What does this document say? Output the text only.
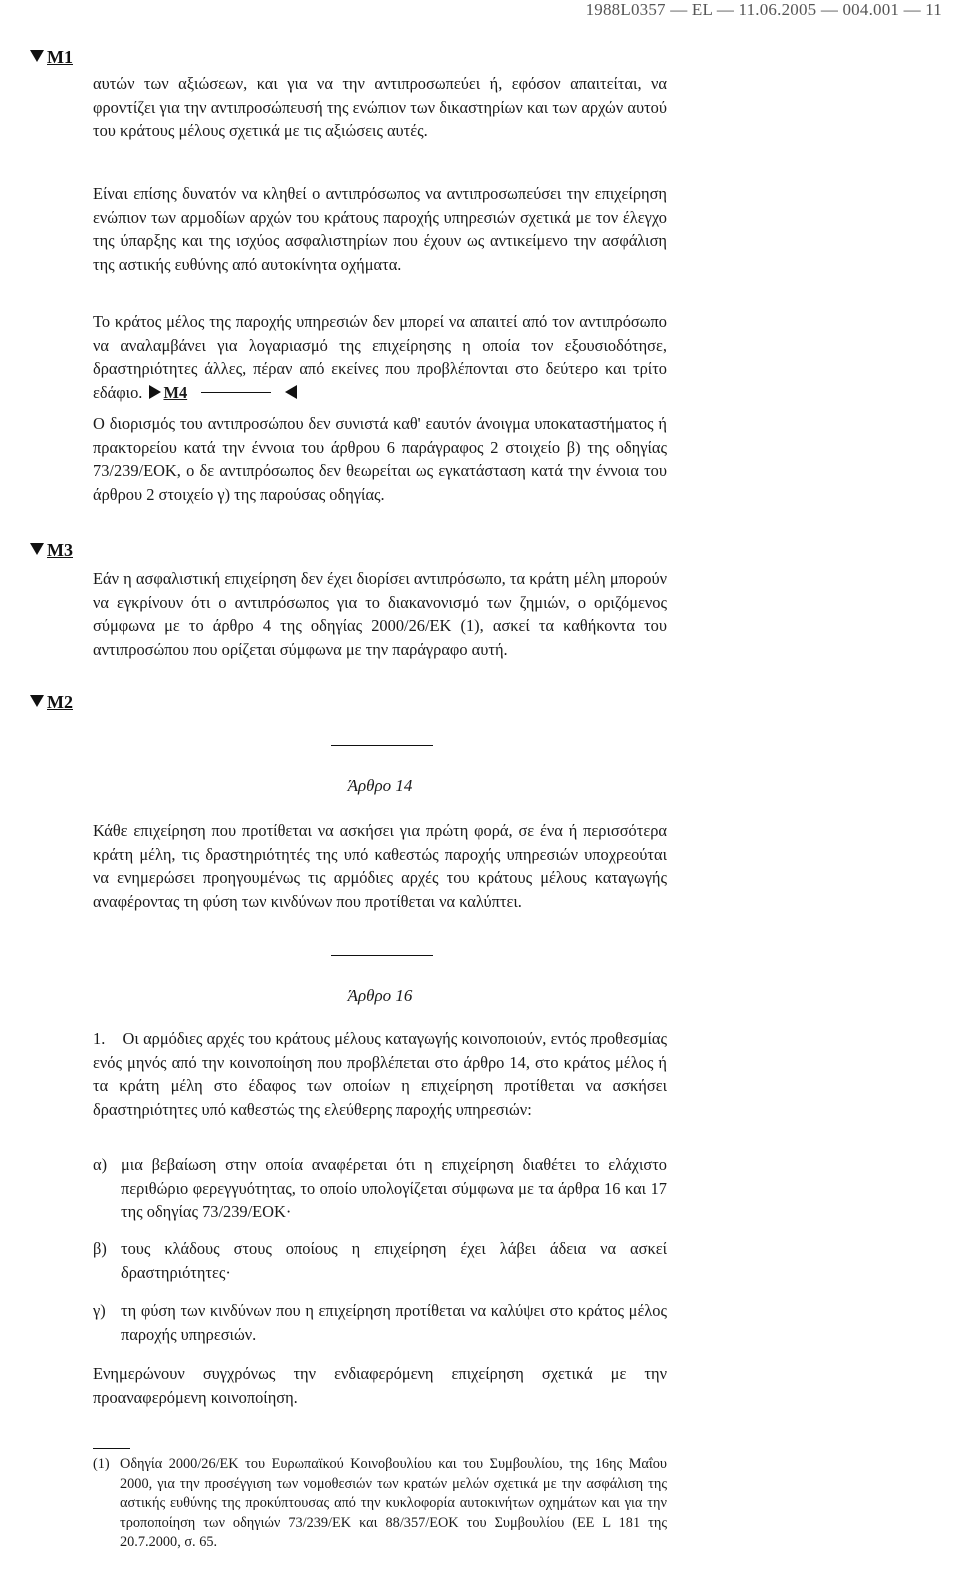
1988L0357 — EL — 11.06.2005 — 004.001 — 11
M1
M3
M2

αυτών των αξιώσεων, και για να την αντιπροσωπεύει ή, εφόσον απαιτείται, να φροντίζει για την αντιπροσώπευσή της ενώπιον των δικαστηρίων και των αρχών αυτού του κράτους μέλους σχετικά με τις αξιώσεις αυτές.

Είναι επίσης δυνατόν να κληθεί ο αντιπρόσωπος να αντιπροσωπεύσει την επιχείρηση ενώπιον των αρμοδίων αρχών του κράτους παροχής υπηρεσιών σχετικά με τον έλεγχο της ύπαρξης και της ισχύος ασφαλιστηρίων που έχουν ως αντικείμενο την ασφάλιση της αστικής ευθύνης από αυτοκίνητα οχήματα.

Το κράτος μέλος της παροχής υπηρεσιών δεν μπορεί να απαιτεί από τον αντιπρόσωπο να αναλαμβάνει για λογαριασμό της επιχείρησης η οποία τον εξουσιοδότησε, δραστηριότητες άλλες, πέραν από εκείνες που προβλέπονται στο δεύτερο και τρίτο εδάφιο. M4

Ο διορισμός του αντιπροσώπου δεν συνιστά καθ' εαυτόν άνοιγμα υποκαταστήματος ή πρακτορείου κατά την έννοια του άρθρου 6 παράγραφος 2 στοιχείο β) της οδηγίας 73/239/ΕΟΚ, ο δε αντιπρόσωπος δεν θεωρείται ως εγκατάσταση κατά την έννοια του άρθρου 2 στοιχείο γ) της παρούσας οδηγίας.

Εάν η ασφαλιστική επιχείρηση δεν έχει διορίσει αντιπρόσωπο, τα κράτη μέλη μπορούν να εγκρίνουν ότι ο αντιπρόσωπος για το διακανονισμό των ζημιών, ο οριζόμενος σύμφωνα με το άρθρο 4 της οδηγίας 2000/26/ΕΚ (1), ασκεί τα καθήκοντα του αντιπροσώπου που ορίζεται σύμφωνα με την παράγραφο αυτή.

Άρθρο 14

Κάθε επιχείρηση που προτίθεται να ασκήσει για πρώτη φορά, σε ένα ή περισσότερα κράτη μέλη, τις δραστηριότητές της υπό καθεστώς παροχής υπηρεσιών υποχρεούται να ενημερώσει προηγουμένως τις αρμόδιες αρχές του κράτους μέλους καταγωγής αναφέροντας τη φύση των κινδύνων που προτίθεται να καλύπτει.

Άρθρο 16

1. Οι αρμόδιες αρχές του κράτους μέλους καταγωγής κοινοποιούν, εντός προθεσμίας ενός μηνός από την κοινοποίηση που προβλέπεται στο άρθρο 14, στο κράτος μέλος ή τα κράτη μέλη στο έδαφος των οποίων η επιχείρηση προτίθεται να ασκήσει δραστηριότητες υπό καθεστώς της ελεύθερης παροχής υπηρεσιών:

α) μια βεβαίωση στην οποία αναφέρεται ότι η επιχείρηση διαθέτει το ελάχιστο περιθώριο φερεγγυότητας, το οποίο υπολογίζεται σύμφωνα με τα άρθρα 16 και 17 της οδηγίας 73/239/ΕΟΚ·
β) τους κλάδους στους οποίους η επιχείρηση έχει λάβει άδεια να ασκεί δραστηριότητες·
γ) τη φύση των κινδύνων που η επιχείρηση προτίθεται να καλύψει στο κράτος μέλος παροχής υπηρεσιών.

Ενημερώνουν συγχρόνως την ενδιαφερόμενη επιχείρηση σχετικά με την προαναφερόμενη κοινοποίηση.

(1) Οδηγία 2000/26/ΕΚ του Ευρωπαϊκού Κοινοβουλίου και του Συμβουλίου, της 16ης Μαΐου 2000, για την προσέγγιση των νομοθεσιών των κρατών μελών σχετικά με την ασφάλιση της αστικής ευθύνης της προκύπτουσας από την κυκλοφορία αυτοκινήτων οχημάτων και για την τροποποίηση των οδηγιών 73/239/ΕΚ και 88/357/ΕΟΚ του Συμβουλίου (ΕΕ L 181 της 20.7.2000, σ. 65.
